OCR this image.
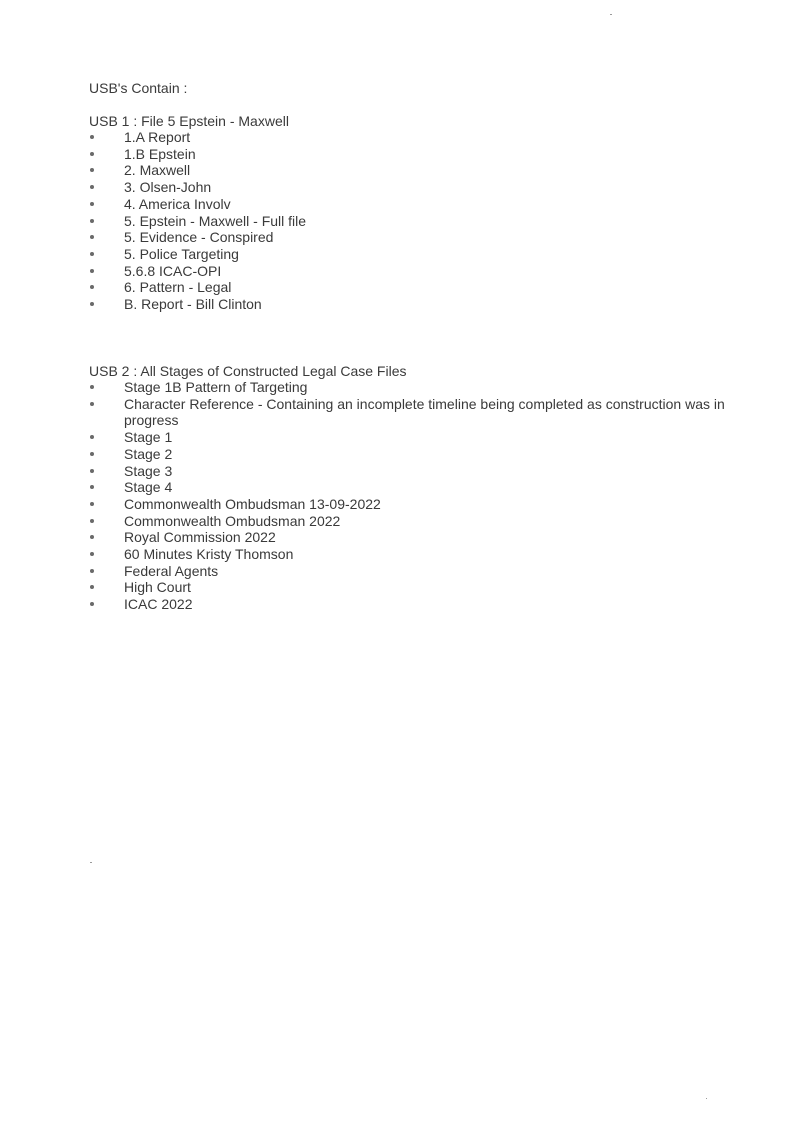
USB's Contain :
USB 1 : File 5 Epstein - Maxwell
1.A Report
1.B Epstein
2. Maxwell
3. Olsen-John
4. America Involv
5. Epstein - Maxwell - Full file
5. Evidence - Conspired
5. Police Targeting
5.6.8 ICAC-OPI
6. Pattern - Legal
B. Report - Bill Clinton
USB 2 : All Stages of Constructed Legal Case Files
Stage 1B Pattern of Targeting
Character Reference - Containing an incomplete timeline being completed as construction was in progress
Stage 1
Stage 2
Stage 3
Stage 4
Commonwealth Ombudsman 13-09-2022
Commonwealth Ombudsman 2022
Royal Commission 2022
60 Minutes Kristy Thomson
Federal Agents
High Court
ICAC 2022
